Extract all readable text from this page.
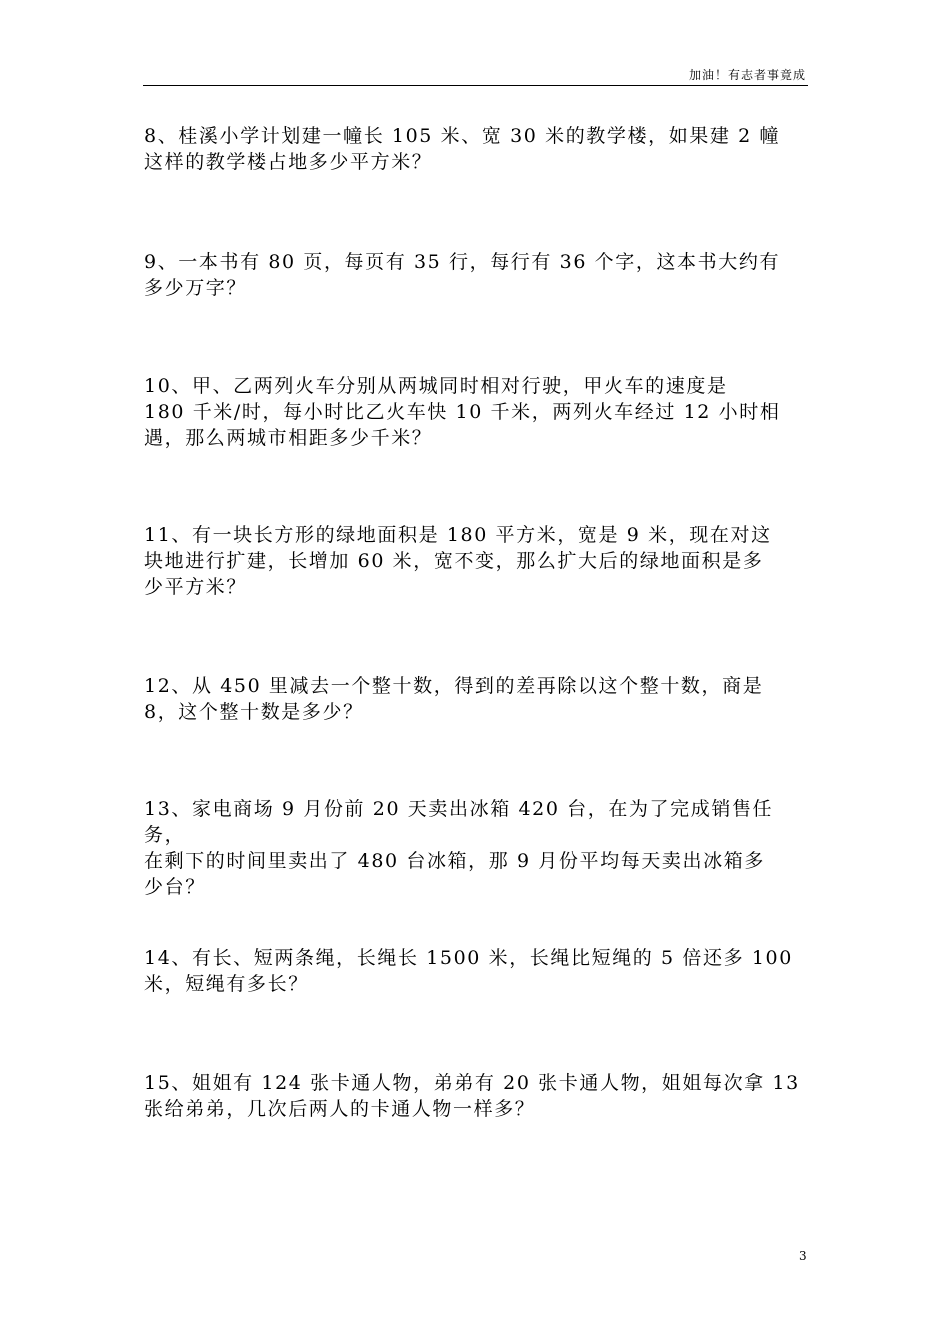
加油！有志者事竟成

8、桂溪小学计划建一幢长 105 米、宽 30 米的教学楼，如果建 2 幢
这样的教学楼占地多少平方米？

9、一本书有 80 页，每页有 35 行，每行有 36 个字，这本书大约有
多少万字？

10、甲、乙两列火车分别从两城同时相对行驶，甲火车的速度是
180 千米/时，每小时比乙火车快 10 千米，两列火车经过 12 小时相
遇，那么两城市相距多少千米？

11、有一块长方形的绿地面积是 180 平方米，宽是 9 米，现在对这
块地进行扩建，长增加 60 米，宽不变，那么扩大后的绿地面积是多
少平方米？

12、从 450 里减去一个整十数，得到的差再除以这个整十数，商是
8，这个整十数是多少？

13、家电商场 9 月份前 20 天卖出冰箱 420 台，在为了完成销售任务，
在剩下的时间里卖出了 480 台冰箱，那 9 月份平均每天卖出冰箱多
少台？

14、有长、短两条绳，长绳长 1500 米，长绳比短绳的 5 倍还多 100
米，短绳有多长？

15、姐姐有 124 张卡通人物，弟弟有 20 张卡通人物，姐姐每次拿 13
张给弟弟，几次后两人的卡通人物一样多？

3
